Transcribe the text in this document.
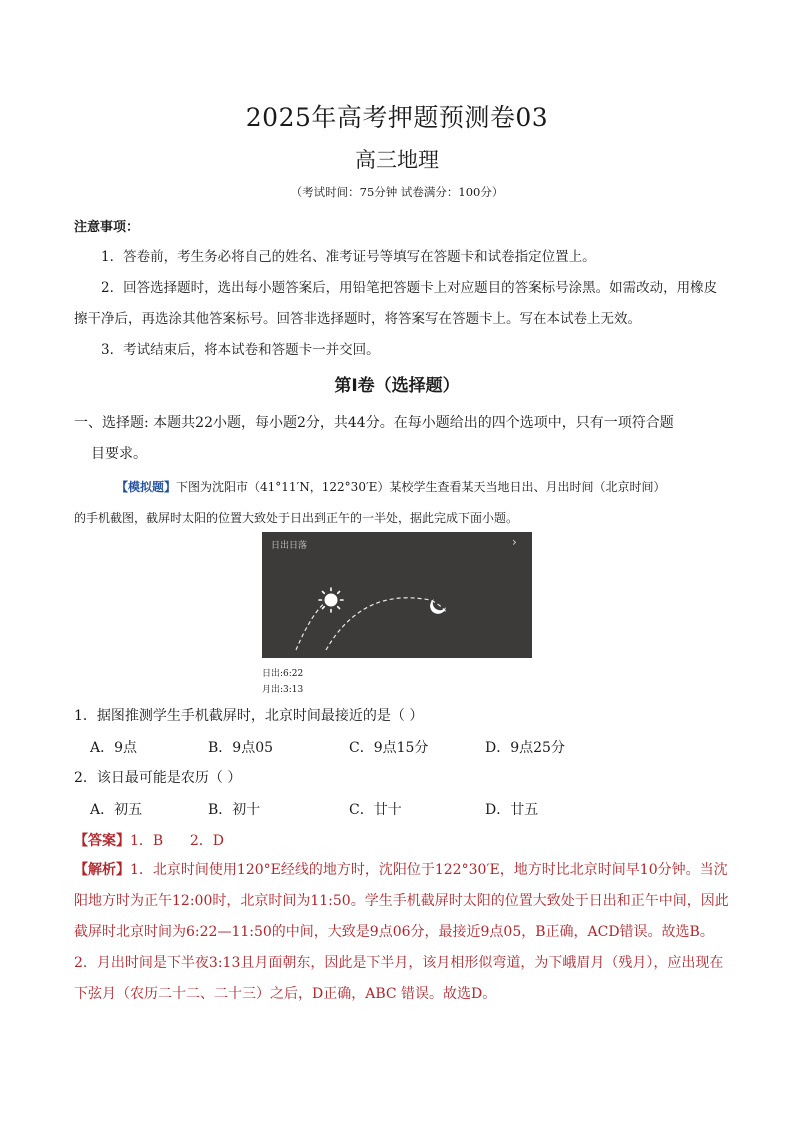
2025年高考押题预测卷03
高三地理
（考试时间：75分钟 试卷满分：100分）
注意事项：
1．答卷前，考生务必将自己的姓名、准考证号等填写在答题卡和试卷指定位置上。
2．回答选择题时，选出每小题答案后，用铅笔把答题卡上对应题目的答案标号涂黑。如需改动，用橡皮擦干净后，再选涂其他答案标号。回答非选择题时，将答案写在答题卡上。写在本试卷上无效。
3．考试结束后，将本试卷和答题卡一并交回。
第Ⅰ卷（选择题）
一、选择题: 本题共22小题，每小题2分，共44分。在每小题给出的四个选项中，只有一项符合题
目要求。
【模拟题】下图为沈阳市（41°11′N，122°30′E）某校学生查看某天当地日出、月出时间（北京时间）
的手机截图，截屏时太阳的位置大致处于日出到正午的一半处，据此完成下面小题。
日出日落	›
日出:6:22
月出:3:13
1．据图推测学生手机截屏时，北京时间最接近的是（ ）
A．9点	B．9点05	C．9点15分	D．9点25分
2．该日最可能是农历（ ）
A．初五	B．初十	C．廿十	D．廿五
【答案】1．B      2．D
【解析】1．北京时间使用120°E经线的地方时，沈阳位于122°30′E，地方时比北京时间早10分钟。当沈
阳地方时为正午12:00时，北京时间为11:50。学生手机截屏时太阳的位置大致处于日出和正午中间，因此
截屏时北京时间为6:22—11:50的中间，大致是9点06分，最接近9点05，B正确，ACD错误。故选B。
2．月出时间是下半夜3:13且月面朝东，因此是下半月，该月相形似弯道，为下峨眉月（残月），应出现在
下弦月（农历二十二、二十三）之后，D正确，ABC 错误。故选D。
